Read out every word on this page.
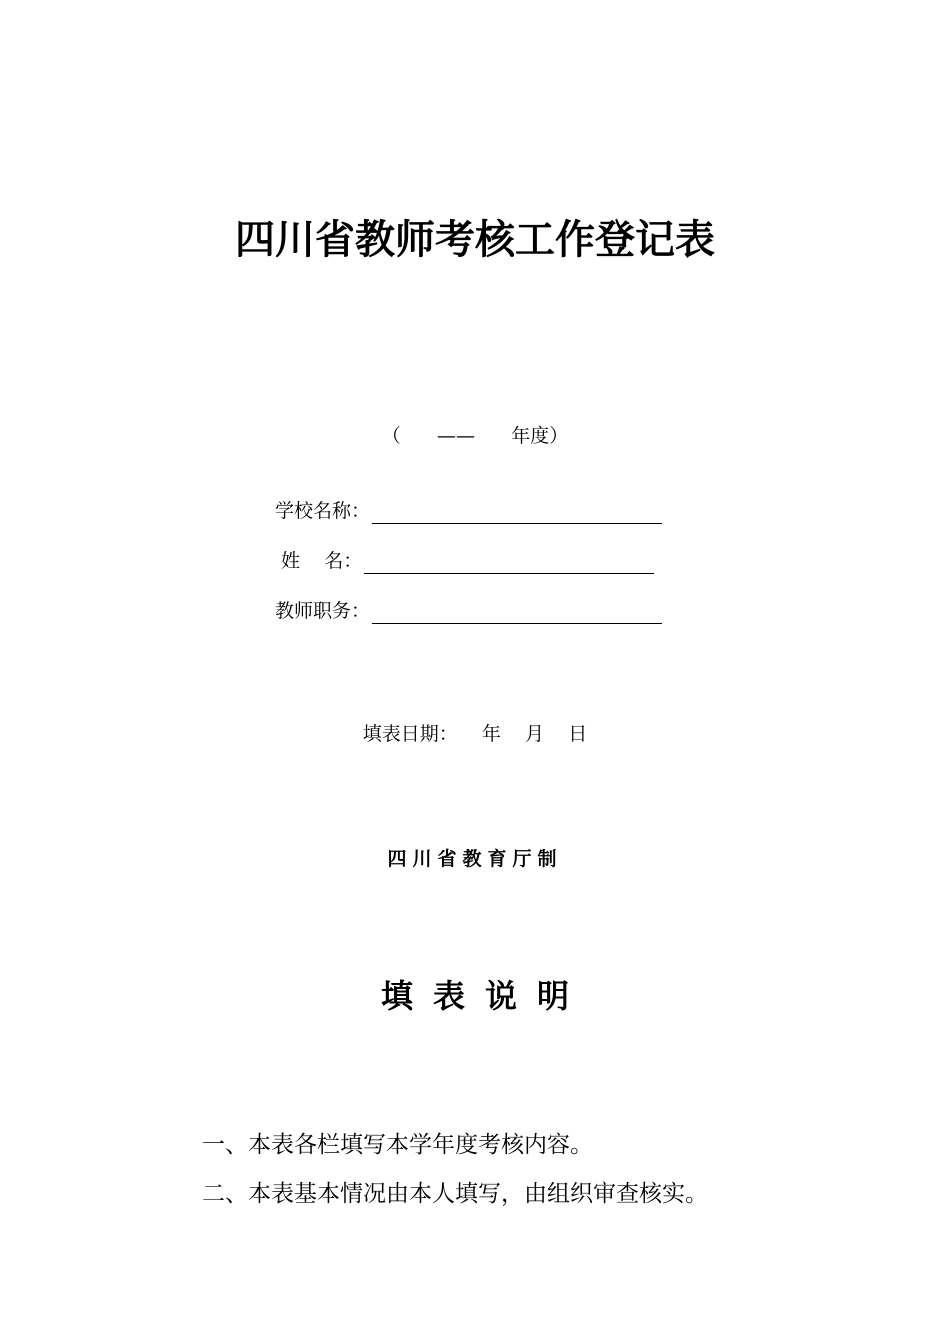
四川省教师考核工作登记表
（      ——      年度）
学校名称：
姓    名：
教师职务：
填表日期：    年    月    日
四川省教育厅制
填表说明
一、本表各栏填写本学年度考核内容。
二、本表基本情况由本人填写，由组织审查核实。
